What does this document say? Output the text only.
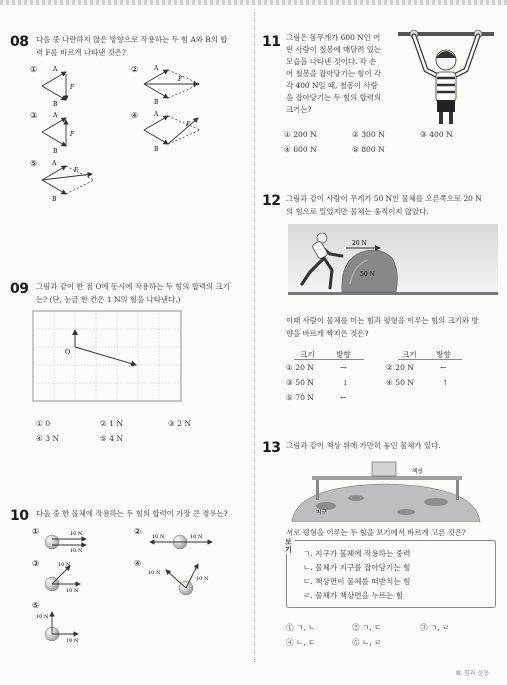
08 다음 중 나란하지 않은 방향으로 작용하는 두 힘 A와 B의 합
력 F를 바르게 나타낸 것은?
①	A
B
F
②	A
B
F
③	A
B
F
④	A
B
F
⑤ A
B
F
09 그림과 같이 한 점 O에 동시에 작용하는 두 힘의 합력의 크기
는? (단, 눈금 한 칸은 1 N의 힘을 나타낸다.)
O
① 0	② 1 N	③ 2 N
④ 3 N	⑤ 4 N
10 다음 중 한 물체에 작용하는 두 힘의 합력이 가장 큰 경우는?
①	10 N
10 N
②
10 N	10 N
③	10 N
10 N
④
10 N
10 N
⑤
10 N
10 N
11 그림은 몸무게가 600 N인 어
떤 사람이 철봉에 매달려 있는
모습을 나타낸 것이다. 각 손
어 철봉을 잡아당기는 힘이 각
각 400 N일 때, 철봉이 사람
을 잡아당기는 두 힘의 합력의
크기는?
① 200 N	② 300 N	③ 400 N
④ 600 N	⑤ 800 N
12 그림과 같이 사람이 무게가 50 N인 물체를 오른쪽으로 20 N
의 힘으로 밀었지만 물체는 움직이지 않았다.
20 N
50 N
이때 사람이 물체를 미는 힘과 평형을 이루는 힘의 크기와 방
향을 바르게 짝지은 것은?
크기	방향	크기	방향
① 20 N	→	② 20 N	←
③ 50 N	↓	④ 50 N	↑
⑤ 70 N	←
13 그림과 같이 책상 위에 가만히 놓인 물체가 있다.
지구
책상
서로 평형을 이루는 두 힘을 보기에서 바르게 고른 것은?
보기	ㄱ. 지구가 물체에 작용하는 중력
ㄴ. 물체가 지구를 잡아당기는 힘
ㄷ. 책상면이 물체를 떠받치는 힘
ㄹ. 물체가 책상면을 누르는 힘
① ㄱ, ㄴ	② ㄱ, ㄷ	③ ㄱ, ㄹ
④ ㄴ, ㄷ	⑤ ㄴ, ㄹ
Ⅲ. 힘과 운동
